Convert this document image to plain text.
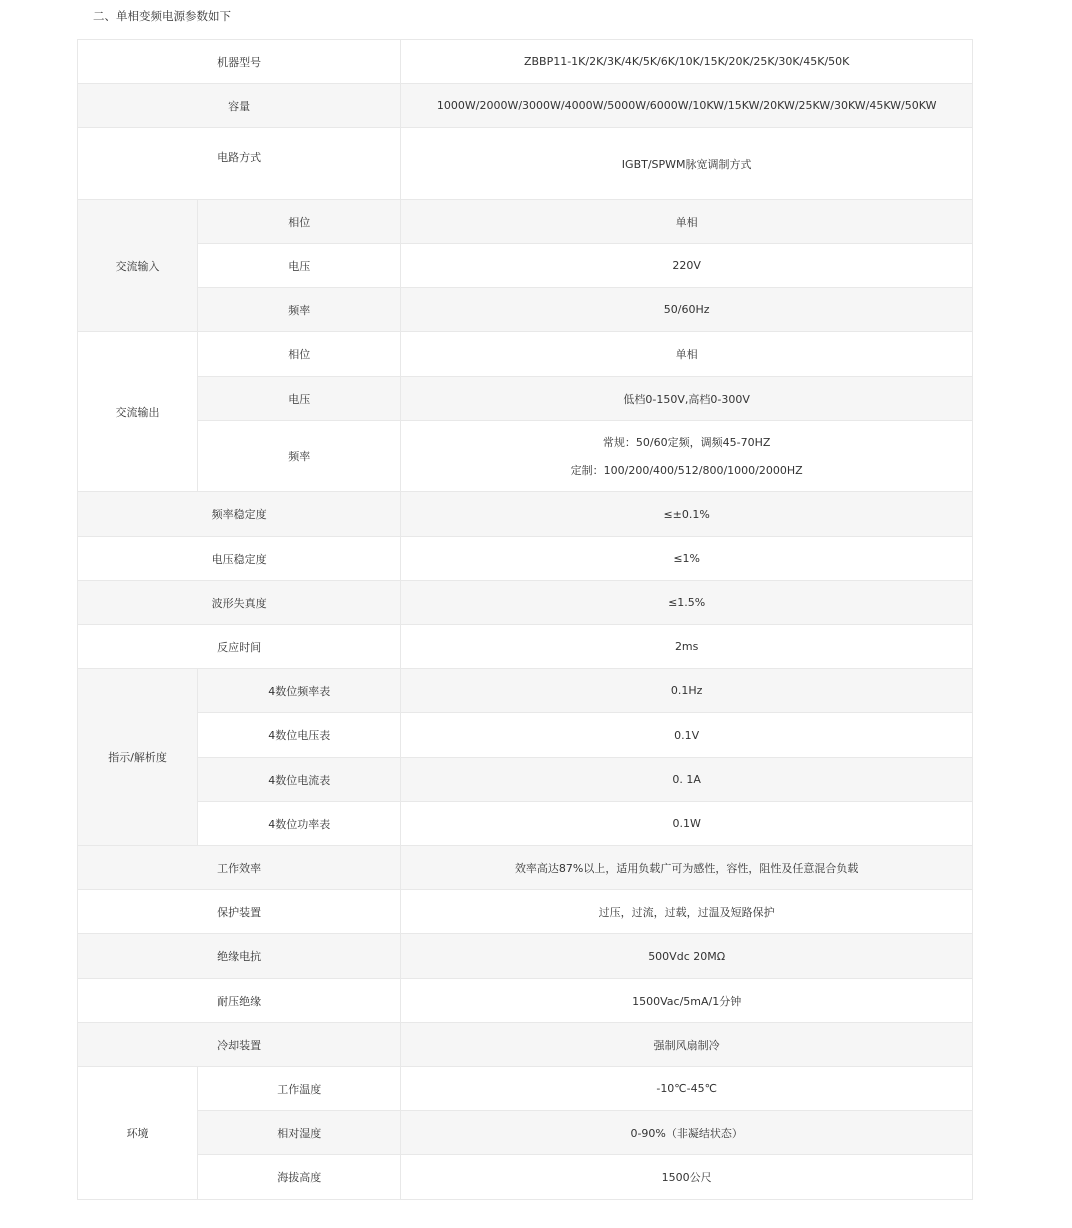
二、单相变频电源参数如下
机器型号		ZBBP11-1K/2K/3K/4K/5K/6K/10K/15K/20K/25K/30K/45K/50K
容量		1000W/2000W/3000W/4000W/5000W/6000W/10KW/15KW/20KW/25KW/30KW/45KW/50KW
电路方式		IGBT/SPWM脉宽调制方式
交流输入	相位	单相
	电压	220V
	频率	50/60Hz
交流输出	相位	单相
	电压	低档0-150V,高档0-300V
	频率	常规：50/60定频，调频45-70HZ
定制：100/200/400/512/800/1000/2000HZ

频率稳定度		≤±0.1%
电压稳定度		≤1%
波形失真度		≤1.5%
反应时间		2ms
指示/解析度	4数位频率表	0.1Hz
	4数位电压表	0.1V
	4数位电流表	0. 1A
	4数位功率表	0.1W
工作效率		效率高达87%以上，适用负载广可为感性，容性，阻性及任意混合负载
保护装置		过压，过流，过载，过温及短路保护
绝缘电抗		500Vdc 20MΩ
耐压绝缘		1500Vac/5mA/1分钟
冷却装置		强制风扇制冷
环境	工作温度	-10℃-45℃
	相对湿度	0-90%（非凝结状态）
	海拔高度	1500公尺
